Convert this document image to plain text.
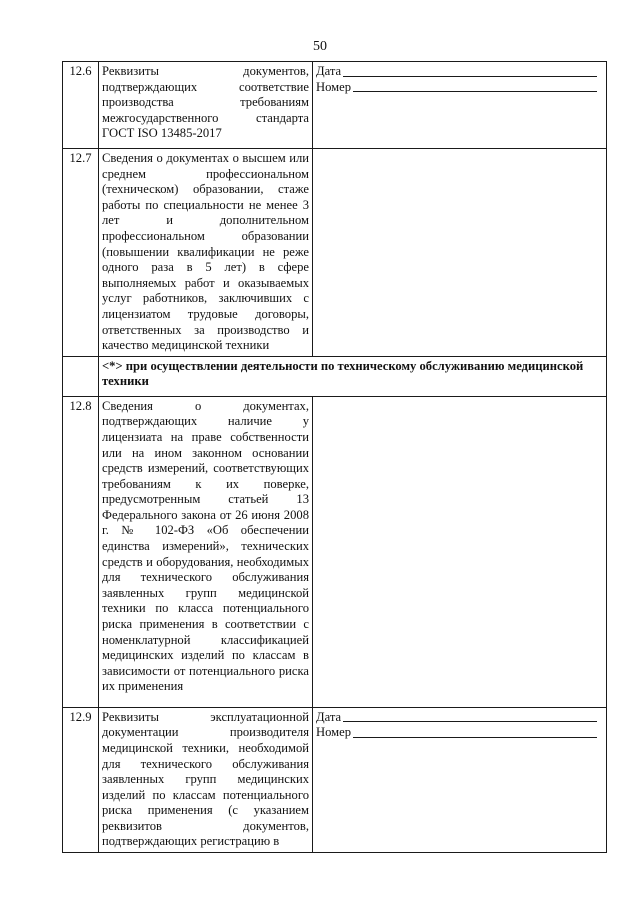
50
12.6	Реквизиты документов, подтверждающих соответствие производства требованиям межгосударственного стандарта ГОСТ ISO 13485-2017	Дата
Номер

12.7	Сведения о документах о высшем или среднем профессиональном (техническом) образовании, стаже работы по специальности не менее 3 лет и дополнительном профессиональном образовании (повышении квалификации не реже одного раза в 5 лет) в сфере выполняемых работ и оказываемых услуг работников, заключивших с лицензиатом трудовые договоры, ответственных за производство и качество медицинской техники	
	<*> при осуществлении деятельности по техническому обслуживанию медицинской техники	
12.8	Сведения о документах, подтверждающих наличие у лицензиата на праве собственности или на ином законном основании средств измерений, соответствующих требованиям к их поверке, предусмотренным статьей 13 Федерального закона от 26 июня 2008 г. № 102-ФЗ «Об обеспечении единства измерений», технических средств и оборудования, необходимых для технического обслуживания заявленных групп медицинской техники по класса потенциального риска применения в соответствии с номенклатурной классификацией медицинских изделий по классам в зависимости от потенциального риска их применения	
12.9	Реквизиты эксплуатационной документации производителя медицинской техники, необходимой для технического обслуживания заявленных групп медицинских изделий по классам потенциального риска применения (с указанием реквизитов документов, подтверждающих регистрацию в	Дата
Номер
